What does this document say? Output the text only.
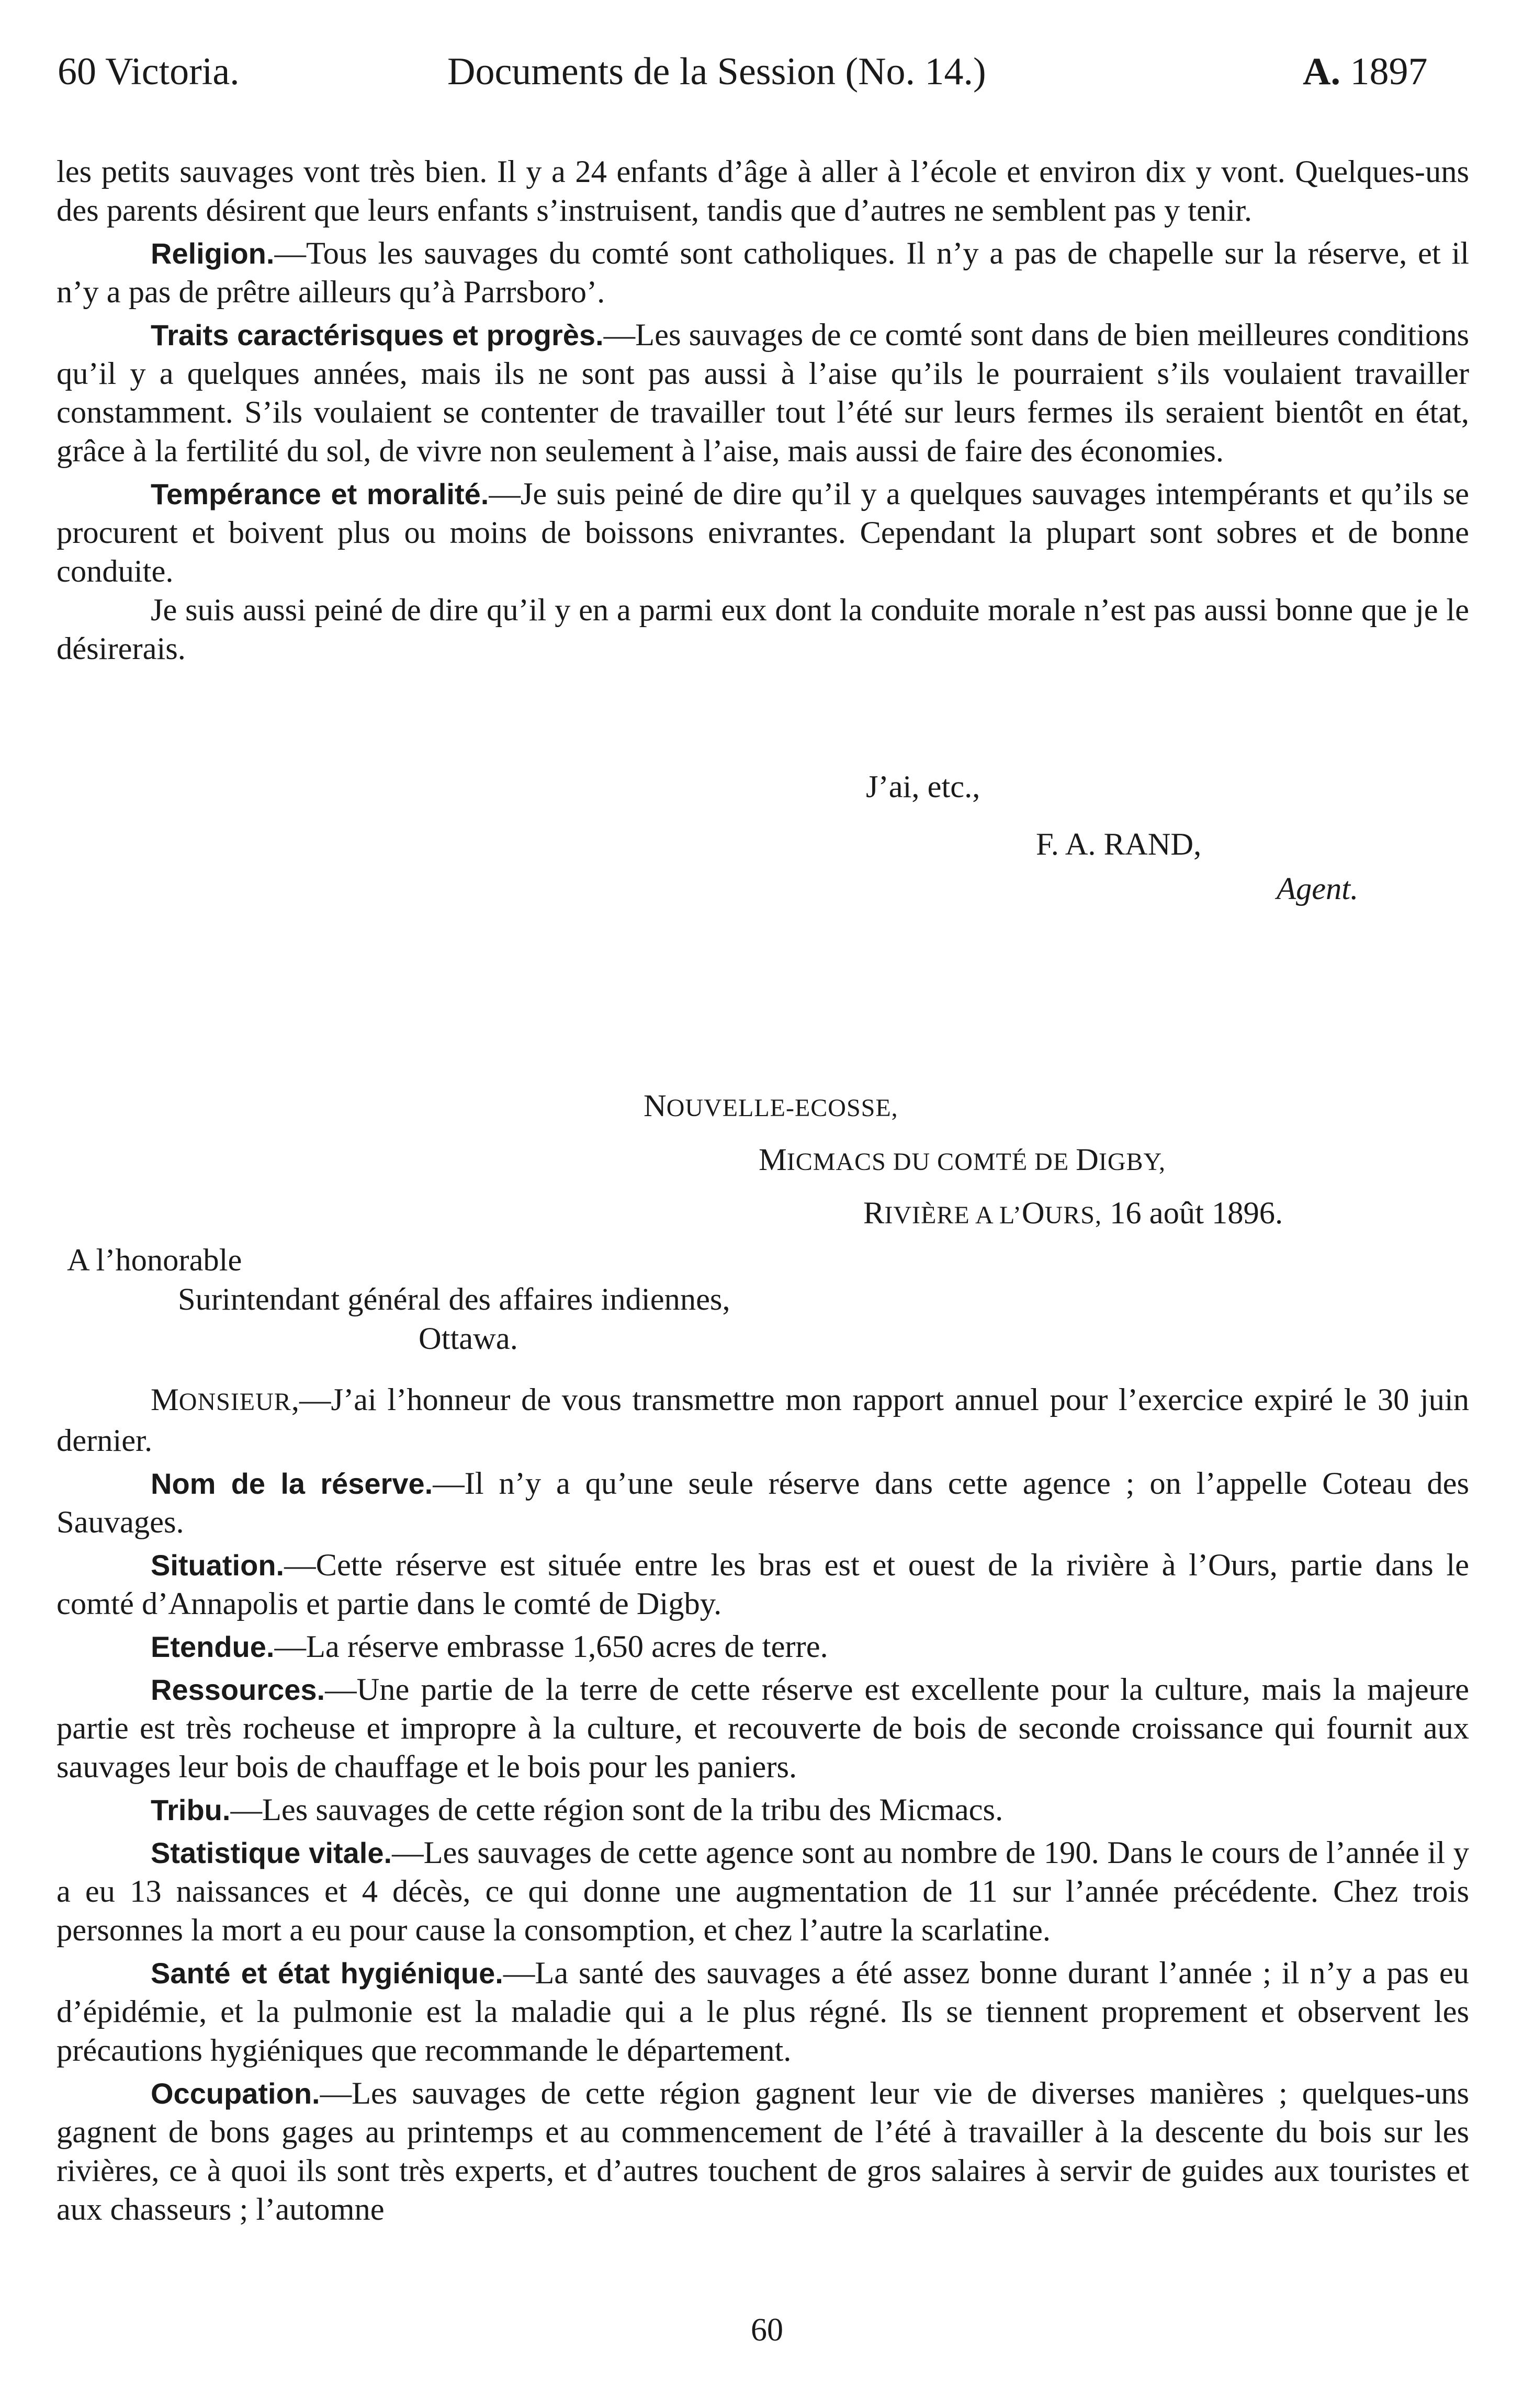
60 Victoria.	Documents de la Session (No. 14.)	A. 1897

les petits sauvages vont très bien. Il y a 24 enfants d’âge à aller à l’école et environ dix y vont. Quelques-uns des parents désirent que leurs enfants s’instruisent, tandis que d’autres ne semblent pas y tenir.

Religion.—Tous les sauvages du comté sont catholiques. Il n’y a pas de chapelle sur la réserve, et il n’y a pas de prêtre ailleurs qu’à Parrsboro’.

Traits caractérisques et progrès.—Les sauvages de ce comté sont dans de bien meilleures conditions qu’il y a quelques années, mais ils ne sont pas aussi à l’aise qu’ils le pourraient s’ils voulaient travailler constamment. S’ils voulaient se contenter de travailler tout l’été sur leurs fermes ils seraient bientôt en état, grâce à la fertilité du sol, de vivre non seulement à l’aise, mais aussi de faire des économies.

Tempérance et moralité.—Je suis peiné de dire qu’il y a quelques sauvages intempérants et qu’ils se procurent et boivent plus ou moins de boissons enivrantes. Cependant la plupart sont sobres et de bonne conduite.

Je suis aussi peiné de dire qu’il y en a parmi eux dont la conduite morale n’est pas aussi bonne que je le désirerais.

J’ai, etc.,
F. A. RAND,
Agent.
NOUVELLE-ECOSSE,
MICMACS DU COMTÉ DE DIGBY,
RIVIÈRE A L’OURS, 16 août 1896.
A l’honorable
Surintendant général des affaires indiennes,
Ottawa.

MONSIEUR,—J’ai l’honneur de vous transmettre mon rapport annuel pour l’exercice expiré le 30 juin dernier.

Nom de la réserve.—Il n’y a qu’une seule réserve dans cette agence ; on l’appelle Coteau des Sauvages.

Situation.—Cette réserve est située entre les bras est et ouest de la rivière à l’Ours, partie dans le comté d’Annapolis et partie dans le comté de Digby.

Etendue.—La réserve embrasse 1,650 acres de terre.

Ressources.—Une partie de la terre de cette réserve est excellente pour la culture, mais la majeure partie est très rocheuse et impropre à la culture, et recouverte de bois de seconde croissance qui fournit aux sauvages leur bois de chauffage et le bois pour les paniers.

Tribu.—Les sauvages de cette région sont de la tribu des Micmacs.

Statistique vitale.—Les sauvages de cette agence sont au nombre de 190. Dans le cours de l’année il y a eu 13 naissances et 4 décès, ce qui donne une augmentation de 11 sur l’année précédente. Chez trois personnes la mort a eu pour cause la consomption, et chez l’autre la scarlatine.

Santé et état hygiénique.—La santé des sauvages a été assez bonne durant l’année ; il n’y a pas eu d’épidémie, et la pulmonie est la maladie qui a le plus régné. Ils se tiennent proprement et observent les précautions hygiéniques que recommande le département.

Occupation.—Les sauvages de cette région gagnent leur vie de diverses manières ; quelques-uns gagnent de bons gages au printemps et au commencement de l’été à travailler à la descente du bois sur les rivières, ce à quoi ils sont très experts, et d’autres touchent de gros salaires à servir de guides aux touristes et aux chasseurs ; l’automne

60
